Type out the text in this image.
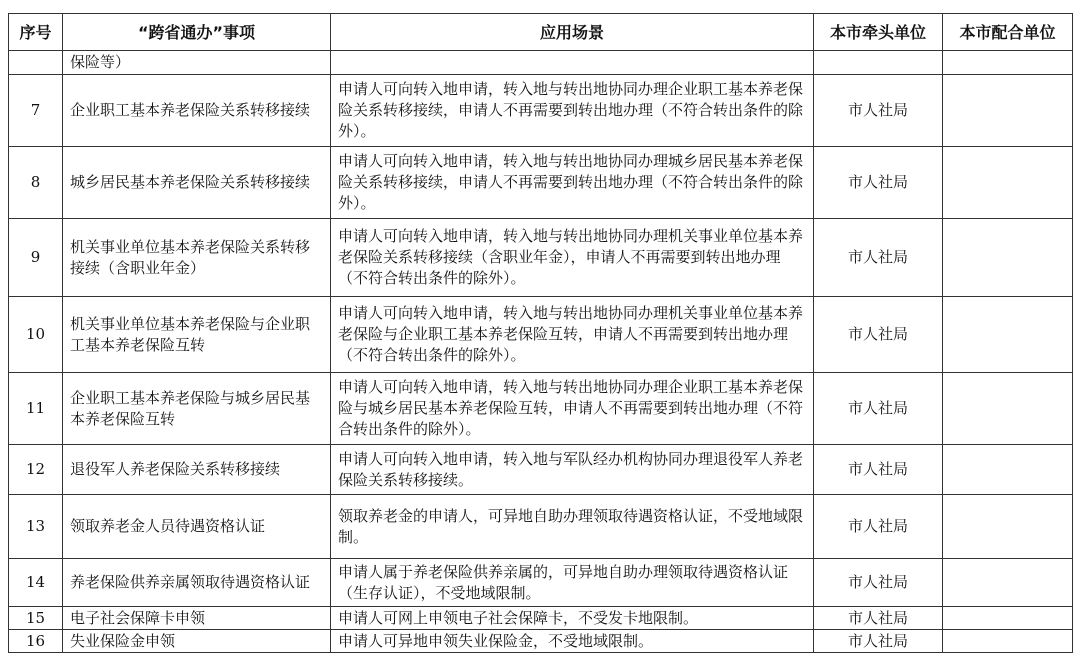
序号	“跨省通办”事项	应用场景	本市牵头单位	本市配合单位
	保险等）			
7	企业职工基本养老保险关系转移接续	申请人可向转入地申请，转入地与转出地协同办理企业职工基本养老保险关系转移接续，申请人不再需要到转出地办理（不符合转出条件的除外）。	市人社局	
8	城乡居民基本养老保险关系转移接续	申请人可向转入地申请，转入地与转出地协同办理城乡居民基本养老保险关系转移接续，申请人不再需要到转出地办理（不符合转出条件的除外）。	市人社局	
9	机关事业单位基本养老保险关系转移接续（含职业年金）	申请人可向转入地申请，转入地与转出地协同办理机关事业单位基本养老保险关系转移接续（含职业年金），申请人不再需要到转出地办理（不符合转出条件的除外）。	市人社局	
10	机关事业单位基本养老保险与企业职工基本养老保险互转	申请人可向转入地申请，转入地与转出地协同办理机关事业单位基本养老保险与企业职工基本养老保险互转，申请人不再需要到转出地办理（不符合转出条件的除外）。	市人社局	
11	企业职工基本养老保险与城乡居民基本养老保险互转	申请人可向转入地申请，转入地与转出地协同办理企业职工基本养老保险与城乡居民基本养老保险互转，申请人不再需要到转出地办理（不符合转出条件的除外）。	市人社局	
12	退役军人养老保险关系转移接续	申请人可向转入地申请，转入地与军队经办机构协同办理退役军人养老保险关系转移接续。	市人社局	
13	领取养老金人员待遇资格认证	领取养老金的申请人，可异地自助办理领取待遇资格认证，不受地域限制。	市人社局	
14	养老保险供养亲属领取待遇资格认证	申请人属于养老保险供养亲属的，可异地自助办理领取待遇资格认证（生存认证），不受地域限制。	市人社局	
15	电子社会保障卡申领	申请人可网上申领电子社会保障卡，不受发卡地限制。	市人社局	
16	失业保险金申领	申请人可异地申领失业保险金，不受地域限制。	市人社局	
